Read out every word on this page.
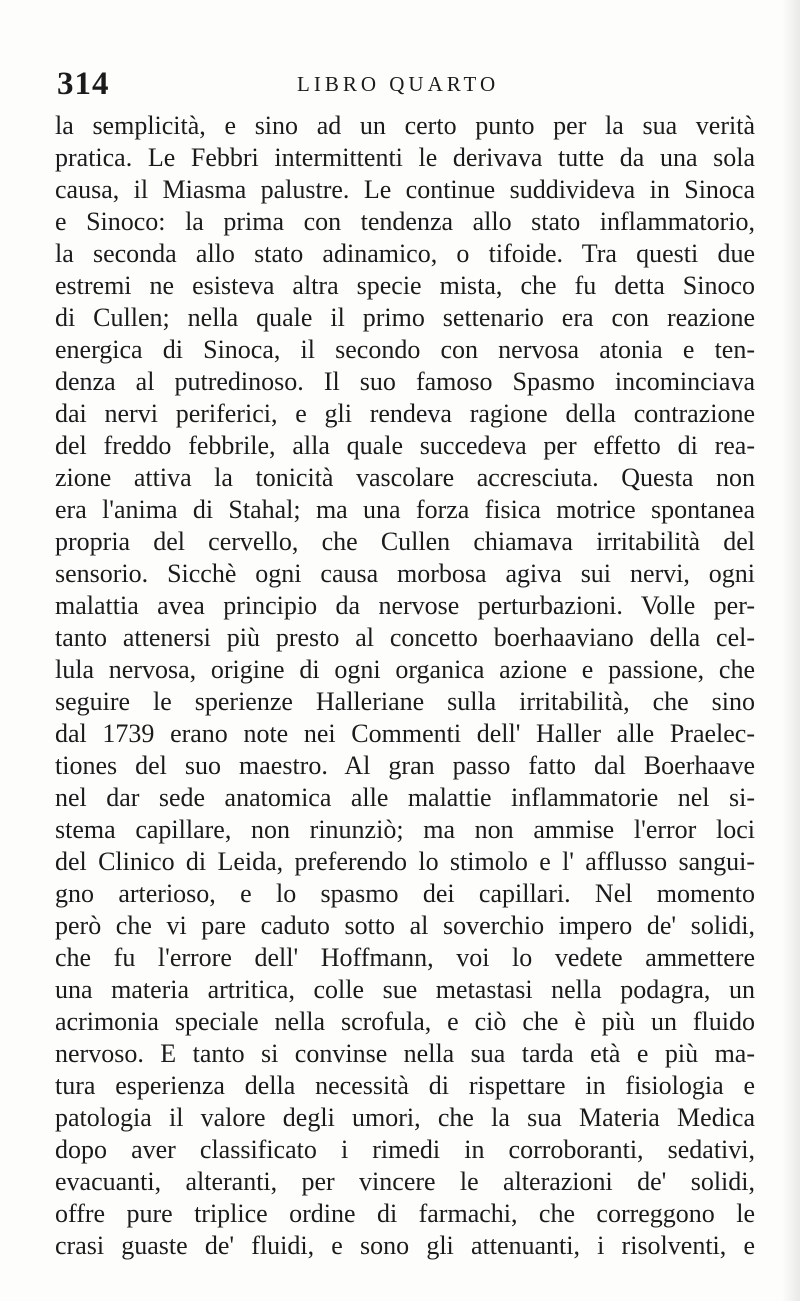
314	LIBRO QUARTO
la semplicità, e sino ad un certo punto per la sua verità
pratica. Le Febbri intermittenti le derivava tutte da una sola
causa, il Miasma palustre. Le continue suddivideva in Sinoca
e Sinoco: la prima con tendenza allo stato inflammatorio,
la seconda allo stato adinamico, o tifoide. Tra questi due
estremi ne esisteva altra specie mista, che fu detta Sinoco
di Cullen; nella quale il primo settenario era con reazione
energica di Sinoca, il secondo con nervosa atonia e ten-
denza al putredinoso. Il suo famoso Spasmo incominciava
dai nervi periferici, e gli rendeva ragione della contrazione
del freddo febbrile, alla quale succedeva per effetto di rea-
zione attiva la tonicità vascolare accresciuta. Questa non
era l'anima di Stahal; ma una forza fisica motrice spontanea
propria del cervello, che Cullen chiamava irritabilità del
sensorio. Sicchè ogni causa morbosa agiva sui nervi, ogni
malattia avea principio da nervose perturbazioni. Volle per-
tanto attenersi più presto al concetto boerhaaviano della cel-
lula nervosa, origine di ogni organica azione e passione, che
seguire le sperienze Halleriane sulla irritabilità, che sino
dal 1739 erano note nei Commenti dell' Haller alle Praelec-
tiones del suo maestro. Al gran passo fatto dal Boerhaave
nel dar sede anatomica alle malattie inflammatorie nel si-
stema capillare, non rinunziò; ma non ammise l'error loci
del Clinico di Leida, preferendo lo stimolo e l' afflusso sangui-
gno arterioso, e lo spasmo dei capillari. Nel momento
però che vi pare caduto sotto al soverchio impero de' solidi,
che fu l'errore dell' Hoffmann, voi lo vedete ammettere
una materia artritica, colle sue metastasi nella podagra, un
acrimonia speciale nella scrofula, e ciò che è più un fluido
nervoso. E tanto si convinse nella sua tarda età e più ma-
tura esperienza della necessità di rispettare in fisiologia e
patologia il valore degli umori, che la sua Materia Medica
dopo aver classificato i rimedi in corroboranti, sedativi,
evacuanti, alteranti, per vincere le alterazioni de' solidi,
offre pure triplice ordine di farmachi, che correggono le
crasi guaste de' fluidi, e sono gli attenuanti, i risolventi, e
